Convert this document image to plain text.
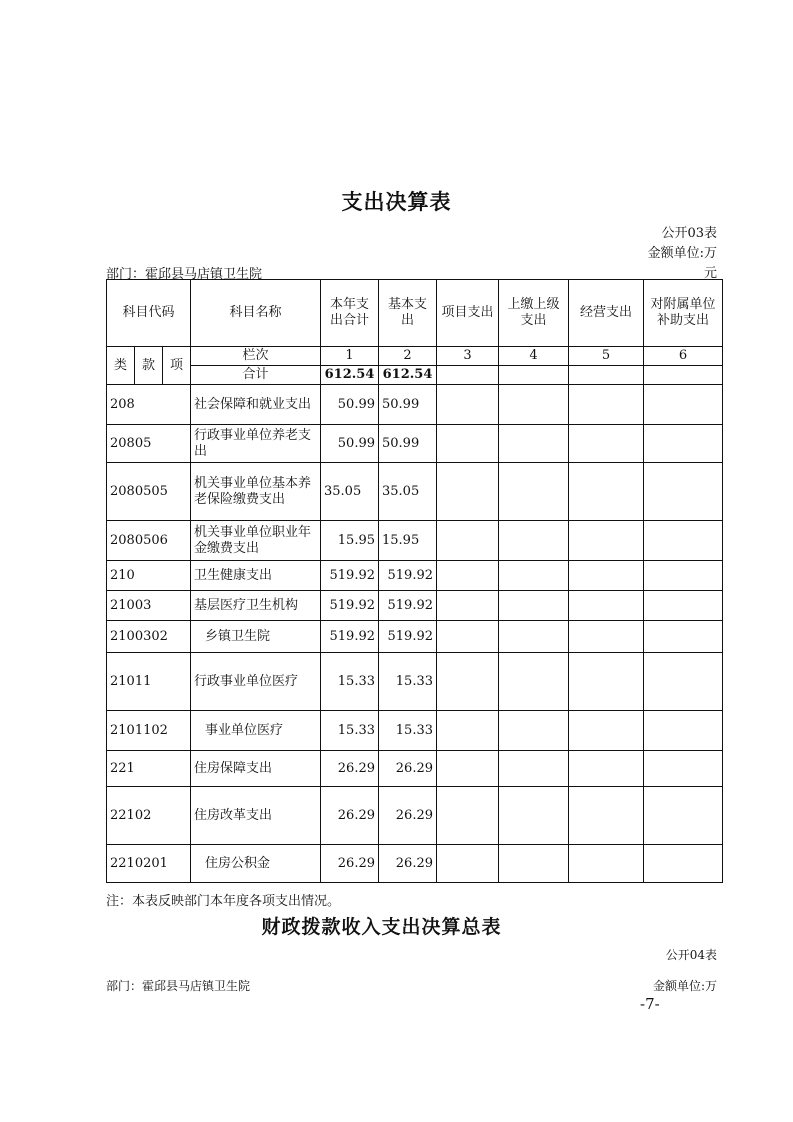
支出决算表
公开03表
金额单位:万
部门：霍邱县马店镇卫生院	元
科目代码			科目名称	本年支出合计	基本支出	项目支出	上缴上级支出	经营支出	对附属单位补助支出
类	款	项	栏次	1	2	3	4	5	6
			合计	612.54	612.54				
208			社会保障和就业支出	50.99	50.99				
20805			行政事业单位养老支出	50.99	50.99				
2080505			机关事业单位基本养老保险缴费支出	35.05	35.05				
2080506			机关事业单位职业年金缴费支出	15.95	15.95				
210			卫生健康支出	519.92	519.92				
21003			基层医疗卫生机构	519.92	519.92				
2100302			乡镇卫生院	519.92	519.92				
21011			行政事业单位医疗	15.33	15.33				
2101102			事业单位医疗	15.33	15.33				
221			住房保障支出	26.29	26.29				
22102			住房改革支出	26.29	26.29				
2210201			住房公积金	26.29	26.29				
注：本表反映部门本年度各项支出情况。
财政拨款收入支出决算总表
公开04表
部门：霍邱县马店镇卫生院	金额单位:万
-7-
